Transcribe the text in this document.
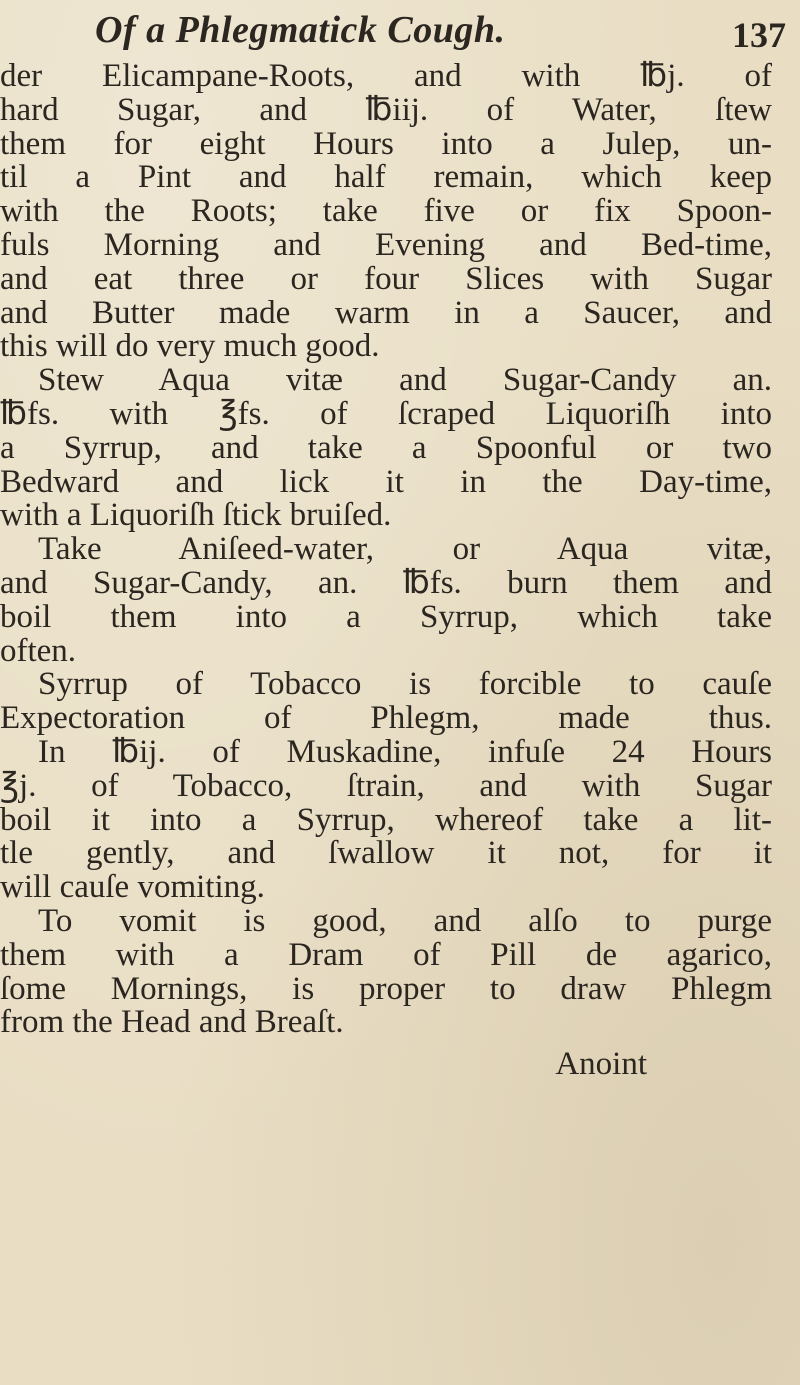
Of a Phlegmatick Cough.	137
der Elicampane-Roots, and with ℔j. of
hard Sugar, and ℔iij. of Water, ſtew
them for eight Hours into a Julep, un-
til a Pint and half remain, which keep
with the Roots; take five or fix Spoon-
fuls Morning and Evening and Bed-time,
and eat three or four Slices with Sugar
and Butter made warm in a Saucer, and
this will do very much good.
Stew Aqua vitæ and Sugar-Candy an.
℔fs. with ℥fs. of ſcraped Liquoriſh into
a Syrrup, and take a Spoonful or two
Bedward and lick it in the Day-time,
with a Liquoriſh ſtick bruiſed.
Take Aniſeed-water, or Aqua vitæ,
and Sugar-Candy, an. ℔fs. burn them and
boil them into a Syrrup, which take
often.
Syrrup of Tobacco is forcible to cauſe
Expectoration of Phlegm, made thus.
In ℔ij. of Muskadine, infuſe 24 Hours
℥j. of Tobacco, ſtrain, and with Sugar
boil it into a Syrrup, whereof take a lit-
tle gently, and ſwallow it not, for it
will cauſe vomiting.
To vomit is good, and alſo to purge
them with a Dram of Pill de agarico,
ſome Mornings, is proper to draw Phlegm
from the Head and Breaſt.
Anoint
